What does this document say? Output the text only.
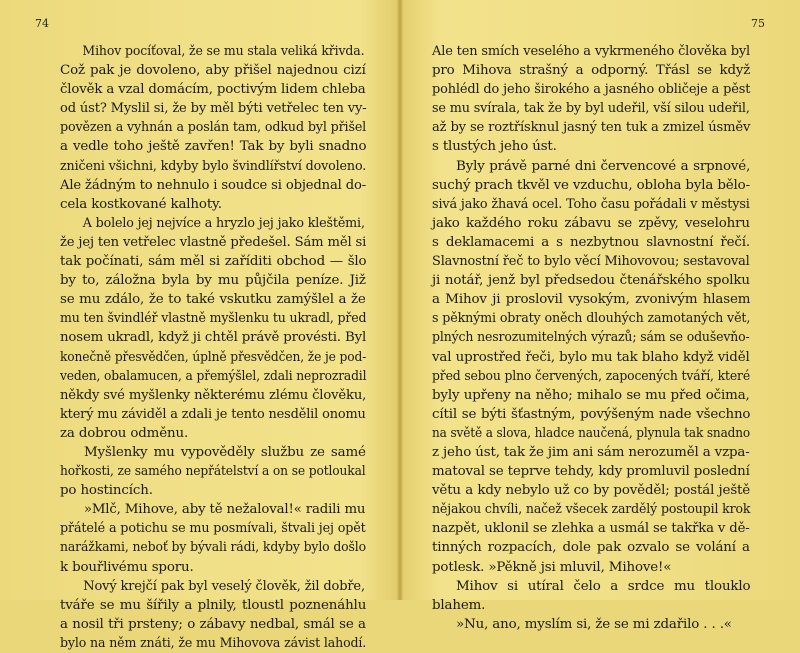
74
Mihov pocíťoval, že se mu stala veliká křivda.
Což pak je dovoleno, aby přišel najednou cizí
člověk a vzal domácím, poctivým lidem chleba
od úst? Myslil si, že by měl býti vetřelec ten vy-
povězen a vyhnán a poslán tam, odkud byl přišel
a vedle toho ještě zavřen! Tak by byli snadno
zničeni všichni, kdyby bylo švindlířství dovoleno.
Ale žádným to nehnulo i soudce si objednal do-
cela kostkované kalhoty.
A bolelo jej nejvíce a hryzlo jej jako kleštěmi,
že jej ten vetřelec vlastně předešel. Sám měl si
tak počínati, sám měl si zaříditi obchod — šlo
by to, záložna byla by mu půjčila peníze. Již
se mu zdálo, že to také vskutku zamýšlel a že
mu ten švindléř vlastně myšlenku tu ukradl, před
nosem ukradl, když ji chtěl právě provésti. Byl
konečně přesvědčen, úplně přesvědčen, že je pod-
veden, obalamucen, a přemýšlel, zdali neprozradil
někdy své myšlenky některému zlému člověku,
který mu záviděl a zdali je tento nesdělil onomu
za dobrou odměnu.
Myšlenky mu vypověděly službu ze samé
hořkosti, ze samého nepřátelství a on se potloukal
po hostincích.
»Mlč, Mihove, aby tě nežaloval!« radili mu
přátelé a potichu se mu posmívali, štvali jej opět
narážkami, neboť by bývali rádi, kdyby bylo došlo
k bouřlivému sporu.
Nový krejčí pak byl veselý člověk, žil dobře,
tváře se mu šířily a plnily, tloustl poznenáhlu
a nosil tři prsteny; o zábavy nedbal, smál se a
bylo na něm znáti, že mu Mihovova závist lahodí.
75
Ale ten smích veselého a vykrmeného člověka byl
pro Mihova strašný a odporný. Třásl se když
pohlédl do jeho širokého a jasného obličeje a pěst
se mu svírala, tak že by byl udeřil, vší silou udeřil,
až by se roztřísknul jasný ten tuk a zmizel úsměv
s tlustých jeho úst.
Byly právě parné dni červencové a srpnové,
suchý prach tkvěl ve vzduchu, obloha byla bělo-
sivá jako žhavá ocel. Toho času pořádali v městysi
jako každého roku zábavu se zpěvy, veselohru
s deklamacemi a s nezbytnou slavnostní řečí.
Slavnostní řeč to bylo věcí Mihovovou; sestavoval
ji notář, jenž byl předsedou čtenářského spolku
a Mihov ji proslovil vysokým, zvonivým hlasem
s pěknými obraty oněch dlouhých zamotaných vět,
plných nesrozumitelných výrazů; sám se oduševňo-
val uprostřed řeči, bylo mu tak blaho když viděl
před sebou plno červených, zapocených tváří, které
byly upřeny na něho; mihalo se mu před očima,
cítil se býti šťastným, povýšeným nade všechno
na světě a slova, hladce naučená, plynula tak snadno
z jeho úst, tak že jim ani sám nerozuměl a vzpa-
matoval se teprve tehdy, kdy promluvil poslední
větu a kdy nebylo už co by pověděl; postál ještě
nějakou chvíli, načež všecek zardělý postoupil krok
nazpět, uklonil se zlehka a usmál se takřka v dě-
tinných rozpacích, dole pak ozvalo se volání a
potlesk. »Pěkně jsi mluvil, Mihove!«
Mihov si utíral čelo a srdce mu tlouklo
blahem.
»Nu, ano, myslím si, že se mi zdařilo . . .«
